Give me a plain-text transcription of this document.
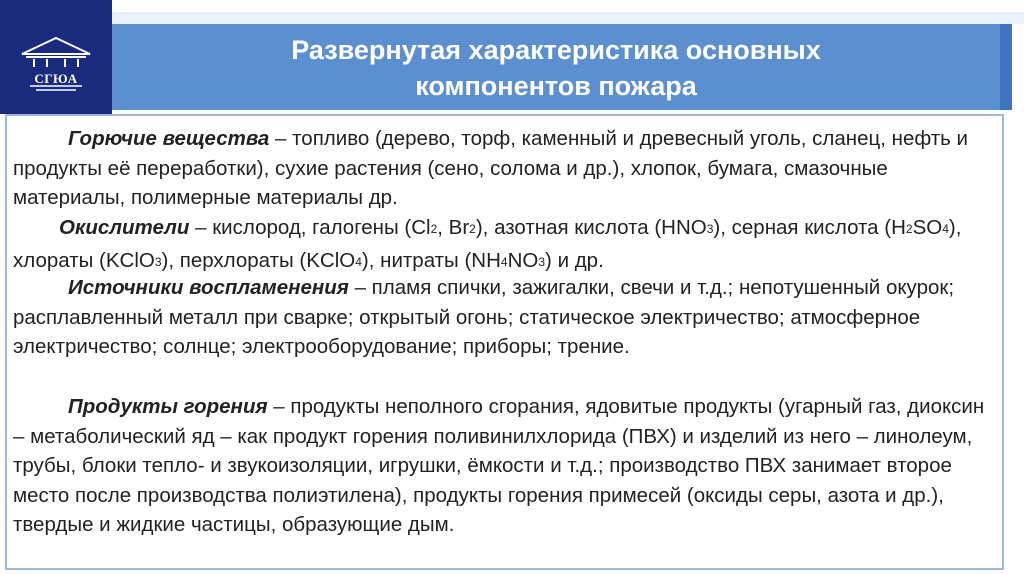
СГЮА
Развернутая характеристика основных
компонентов пожара

Горючие вещества – топливо (дерево, торф, каменный и древесный уголь, сланец, нефть и продукты её переработки), сухие растения (сено, солома и др.), хлопок, бумага, смазочные материалы, полимерные материалы др.

Окислители – кислород, галогены ($Cl_2$, $Br_2$), азотная кислота $(HNO_3)$, серная кислота $(H_2SO_4)$, хлораты (KClO$_3$), перхлораты (KClO$_4$), нитраты $(NH_4NO_3)$ и др.

Источники воспламенения – пламя спички, зажигалки, свечи и т.д.; непотушенный окурок; расплавленный металл при сварке; открытый огонь; статическое электричество; атмосферное электричество; солнце; электрооборудование; приборы; трение.

Продукты горения – продукты неполного сгорания, ядовитые продукты (угарный газ, диоксин – метаболический яд – как продукт горения поливинилхлорида (ПВХ) и изделий из него – линолеум, трубы, блоки тепло- и звукоизоляции, игрушки, ёмкости и т.д.; производство ПВХ занимает второе место после производства полиэтилена), продукты горения примесей (оксиды серы, азота и др.), твердые и жидкие частицы, образующие дым.
